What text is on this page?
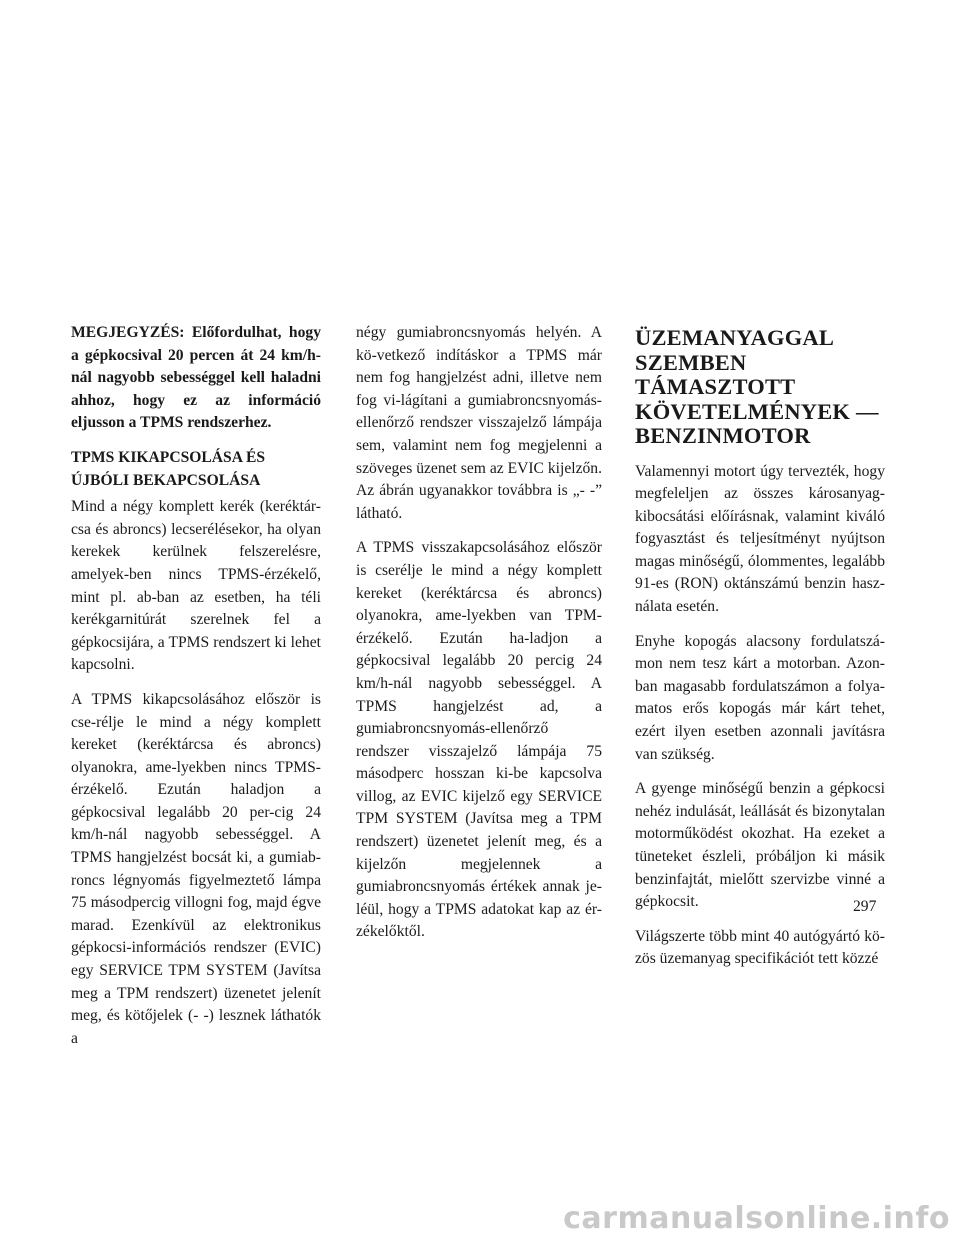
MEGJEGYZÉS: Előfordulhat, hogy a gépkocsival 20 percen át 24 km/h-nál nagyobb sebességgel kell haladni ahhoz, hogy ez az információ eljusson a TPMS rendszerhez.

TPMS KIKAPCSOLÁSA ÉS ÚJBÓLI BEKAPCSOLÁSA

Mind a négy komplett kerék (keréktár-csa és abroncs) lecserélésekor, ha olyan kerekek kerülnek felszerelésre, amelyek-ben nincs TPMS-érzékelő, mint pl. ab-ban az esetben, ha téli kerékgarnitúrát szerelnek fel a gépkocsijára, a TPMS rendszert ki lehet kapcsolni.

A TPMS kikapcsolásához először is cse-rélje le mind a négy komplett kereket (keréktárcsa és abroncs) olyanokra, ame-lyekben nincs TPMS-érzékelő. Ezután haladjon a gépkocsival legalább 20 per-cig 24 km/h-nál nagyobb sebességgel. A TPMS hangjelzést bocsát ki, a gumiab-roncs légnyomás figyelmeztető lámpa 75 másodpercig villogni fog, majd égve marad. Ezenkívül az elektronikus gépkocsi-információs rendszer (EVIC) egy SERVICE TPM SYSTEM (Javítsa meg a TPM rendszert) üzenetet jelenít meg, és kötőjelek (- -) lesznek láthatók a

négy gumiabroncsnyomás helyén. A kö-vetkező indításkor a TPMS már nem fog hangjelzést adni, illetve nem fog vi-lágítani a gumiabroncsnyomás-ellenőrző rendszer visszajelző lámpája sem, valamint nem fog megjelenni a szöveges üzenet sem az EVIC kijelzőn. Az ábrán ugyanakkor továbbra is „- -” látható.

A TPMS visszakapcsolásához először is cserélje le mind a négy komplett kereket (keréktárcsa és abroncs) olyanokra, ame-lyekben van TPM-érzékelő. Ezután ha-ladjon a gépkocsival legalább 20 percig 24 km/h-nál nagyobb sebességgel. A TPMS hangjelzést ad, a gumiabroncsnyomás-ellenőrző rendszer visszajelző lámpája 75 másodperc hosszan ki-be kapcsolva villog, az EVIC kijelző egy SERVICE TPM SYSTEM (Javítsa meg a TPM rendszert) üzenetet jelenít meg, és a kijelzőn megjelennek a gumiabroncsnyomás értékek annak je-léül, hogy a TPMS adatokat kap az ér-zékelőktől.

ÜZEMANYAGGAL SZEMBEN TÁMASZTOTT KÖVETELMÉNYEK — BENZINMOTOR

Valamennyi motort úgy tervezték, hogy megfeleljen az összes károsanyag-kibocsátási előírásnak, valamint kiváló fogyasztást és teljesítményt nyújtson magas minőségű, ólommentes, legalább 91-es (RON) oktánszámú benzin hasz-nálata esetén.

Enyhe kopogás alacsony fordulatszá-mon nem tesz kárt a motorban. Azon-ban magasabb fordulatszámon a folya-matos erős kopogás már kárt tehet, ezért ilyen esetben azonnali javításra van szükség.

A gyenge minőségű benzin a gépkocsi nehéz indulását, leállását és bizonytalan motorműködést okozhat. Ha ezeket a tüneteket észleli, próbáljon ki másik benzinfajtát, mielőtt szervizbe vinné a gépkocsit.

Világszerte több mint 40 autógyártó kö-zös üzemanyag specifikációt tett közzé

297
carmanualsonline.info
